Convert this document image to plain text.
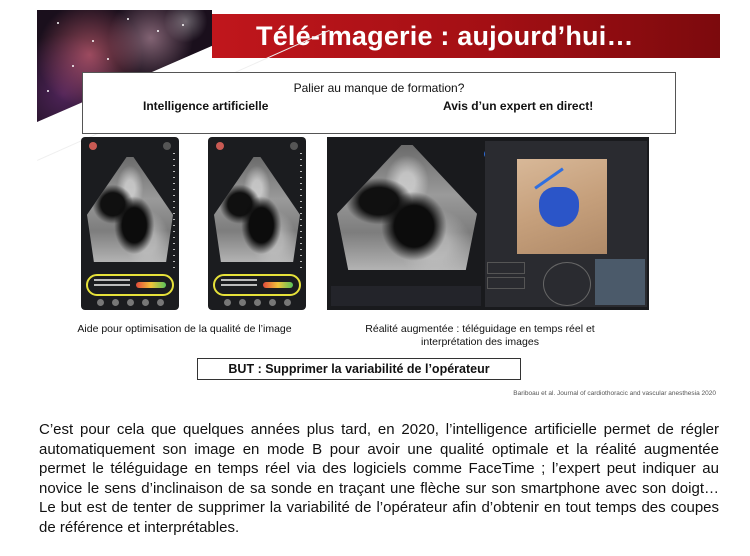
Télé-imagerie : aujourd’hui…
Palier au manque de formation?
Intelligence artificielle	Avis d’un expert en direct!
Aide pour optimisation de la qualité de l’image	Réalité augmentée : téléguidage en temps réel et interprétation des images
BUT : Supprimer la variabilité de l’opérateur
Bariboau et al. Journal of cardiothoracic and vascular anesthesia 2020
C’est pour cela que quelques années plus tard, en 2020, l’intelligence artificielle permet de régler automatiquement son image en mode B pour avoir une qualité optimale et la réalité augmentée permet le téléguidage en temps réel via des logiciels comme FaceTime ; l’expert peut indiquer au novice le sens d’inclinaison de sa sonde en traçant une flèche sur son smartphone avec son doigt… Le but est de tenter de supprimer la variabilité de l’opérateur afin d’obtenir en tout temps des coupes de référence et interprétables.
